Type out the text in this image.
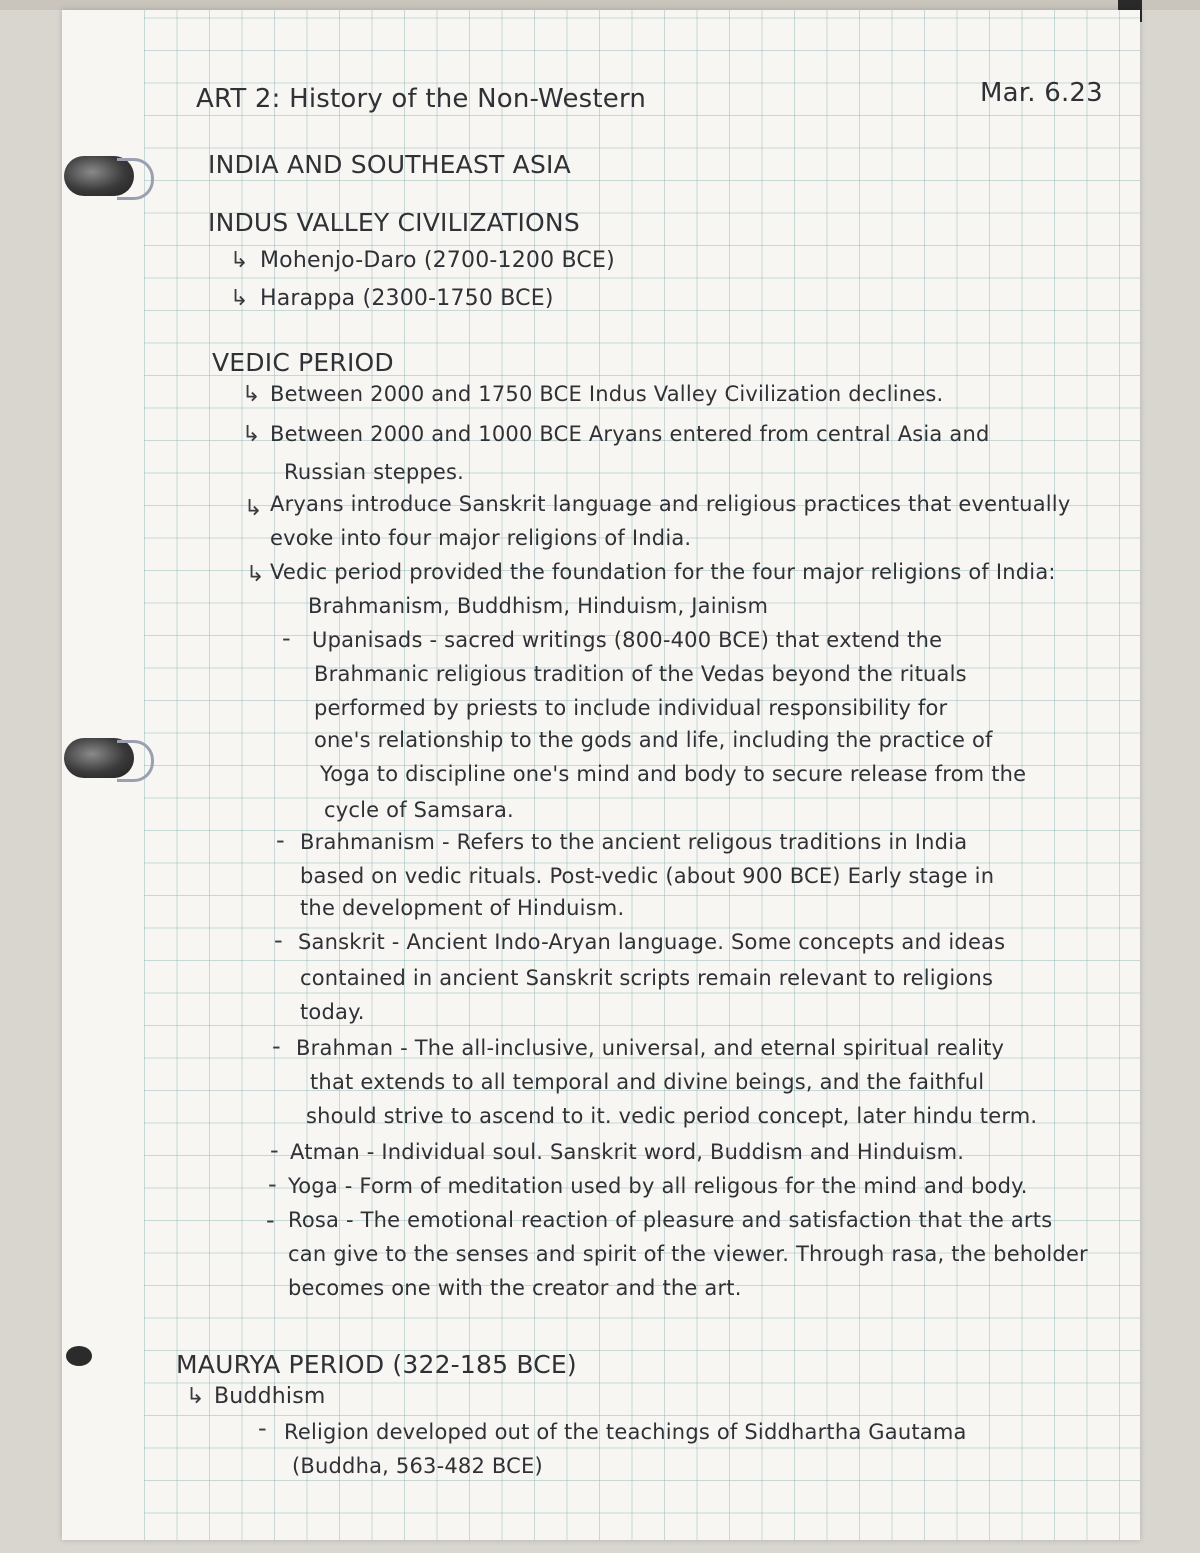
ART 2: History of the Non-Western	Mar. 6.23
INDIA AND SOUTHEAST ASIA
INDUS VALLEY CIVILIZATIONS
↳ Mohenjo-Daro (2700-1200 BCE)
↳ Harappa (2300-1750 BCE)
VEDIC PERIOD
↳ Between 2000 and 1750 BCE Indus Valley Civilization declines.
↳ Between 2000 and 1000 BCE Aryans entered from central Asia and
Russian steppes.
↳ Aryans introduce Sanskrit language and religious practices that eventually
evoke into four major religions of India.
↳ Vedic period provided the foundation for the four major religions of India:
Brahmanism, Buddhism, Hinduism, Jainism
- Upanisads - sacred writings (800-400 BCE) that extend the
Brahmanic religious tradition of the Vedas beyond the rituals
performed by priests to include individual responsibility for
one's relationship to the gods and life, including the practice of
Yoga to discipline one's mind and body to secure release from the
cycle of Samsara.
- Brahmanism - Refers to the ancient religous traditions in India
based on vedic rituals. Post-vedic (about 900 BCE) Early stage in
the development of Hinduism.
- Sanskrit - Ancient Indo-Aryan language. Some concepts and ideas
contained in ancient Sanskrit scripts remain relevant to religions
today.
- Brahman - The all-inclusive, universal, and eternal spiritual reality
that extends to all temporal and divine beings, and the faithful
should strive to ascend to it. vedic period concept, later hindu term.
- Atman - Individual soul. Sanskrit word, Buddism and Hinduism.
- Yoga - Form of meditation used by all religous for the mind and body.
- Rosa - The emotional reaction of pleasure and satisfaction that the arts
can give to the senses and spirit of the viewer. Through rasa, the beholder
becomes one with the creator and the art.
MAURYA PERIOD (322-185 BCE)
↳ Buddhism
- Religion developed out of the teachings of Siddhartha Gautama
(Buddha, 563-482 BCE)
